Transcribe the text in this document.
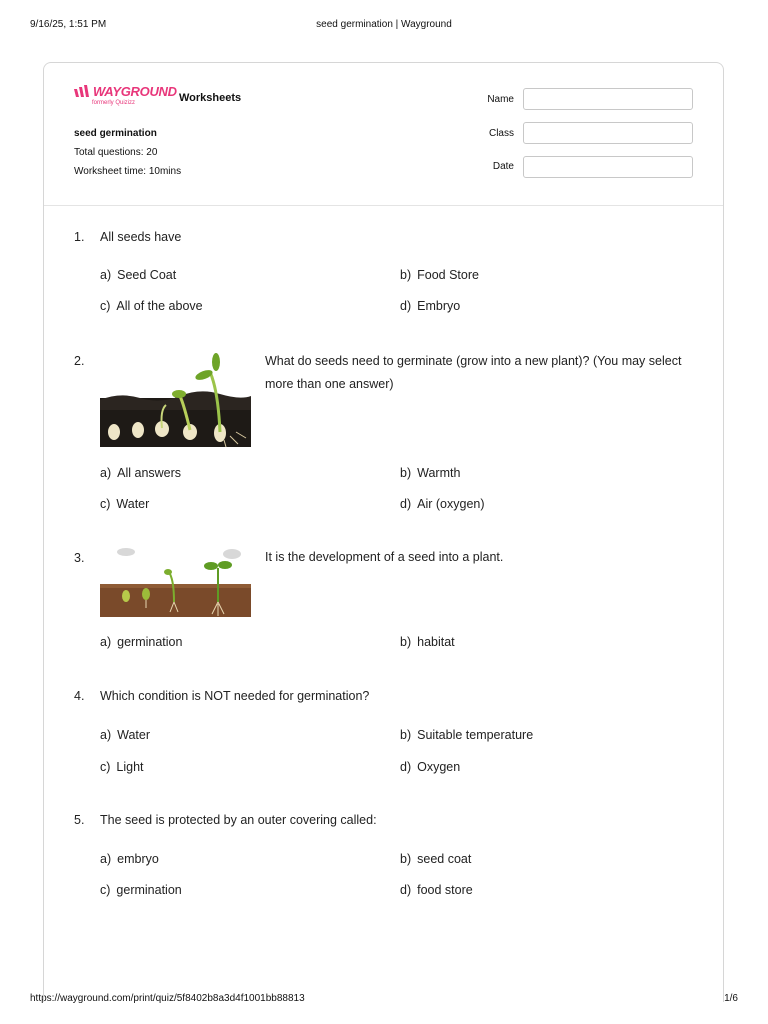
9/16/25, 1:51 PM	seed germination | Wayground
https://wayground.com/print/quiz/5f8402b8a3d4f1001bb88813	1/6
WAYGROUND
formerly Quizizz	Worksheets
seed germination
Total questions: 20
Worksheet time: 10mins
Name
Class
Date
1. All seeds have
a) Seed Coat	b) Food Store
c) All of the above	d) Embryo
2.	What do seeds need to germinate (grow into a new plant)? (You may select more than one answer)
a) All answers	b) Warmth
c) Water	d) Air (oxygen)
3.	It is the development of a seed into a plant.
a) germination	b) habitat
4. Which condition is NOT needed for germination?
a) Water	b) Suitable temperature
c) Light	d) Oxygen
5. The seed is protected by an outer covering called:
a) embryo	b) seed coat
c) germination	d) food store
